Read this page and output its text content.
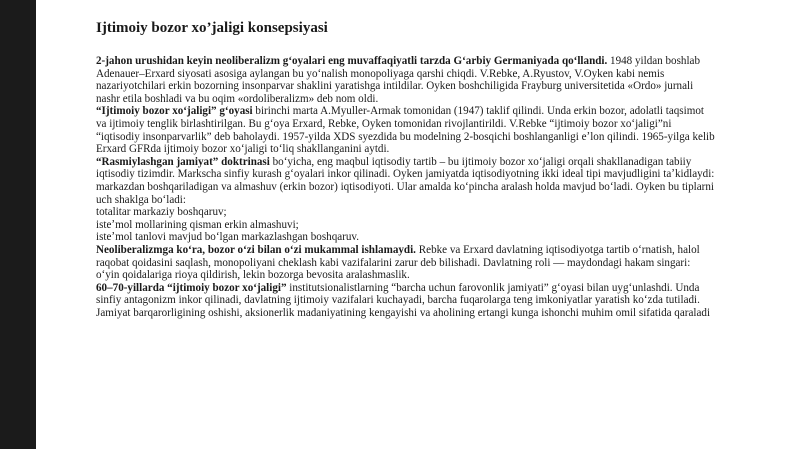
Ijtimoiy bozor xo’jaligi konsepsiyasi

2-jahon urushidan keyin neoliberalizm gʻoyalari eng muvaffaqiyatli tarzda Gʻarbiy Germaniyada qoʻllandi. 1948 yildan boshlab Adenauer–Erxard siyosati asosiga aylangan bu yoʻnalish monopoliyaga qarshi chiqdi. V.Rebke, A.Ryustov, V.Oyken kabi nemis nazariyotchilari erkin bozorning insonparvar shaklini yaratishga intildilar. Oyken boshchiligida Frayburg universitetida «Ordo» jurnali nashr etila boshladi va bu oqim «ordoliberalizm» deb nom oldi.

“Ijtimoiy bozor xoʻjaligi” gʻoyasi birinchi marta A.Myuller-Armak tomonidan (1947) taklif qilindi. Unda erkin bozor, adolatli taqsimot va ijtimoiy tenglik birlashtirilgan. Bu gʻoya Erxard, Rebke, Oyken tomonidan rivojlantirildi. V.Rebke “ijtimoiy bozor xoʻjaligi”ni “iqtisodiy insonparvarlik” deb baholaydi. 1957-yilda XDS syezdida bu modelning 2-bosqichi boshlanganligi eʼlon qilindi. 1965-yilga kelib Erxard GFRda ijtimoiy bozor xoʻjaligi toʻliq shakllanganini aytdi.

“Rasmiylashgan jamiyat” doktrinasi boʻyicha, eng maqbul iqtisodiy tartib – bu ijtimoiy bozor xoʻjaligi orqali shakllanadigan tabiiy iqtisodiy tizimdir. Markscha sinfiy kurash gʻoyalari inkor qilinadi. Oyken jamiyatda iqtisodiyotning ikki ideal tipi mavjudligini taʼkidlaydi: markazdan boshqariladigan va almashuv (erkin bozor) iqtisodiyoti. Ular amalda koʻpincha aralash holda mavjud boʻladi. Oyken bu tiplarni uch shaklga boʻladi:

totalitar markaziy boshqaruv;

isteʼmol mollarining qisman erkin almashuvi;

isteʼmol tanlovi mavjud boʻlgan markazlashgan boshqaruv.

Neoliberalizmga koʻra, bozor oʻzi bilan oʻzi mukammal ishlamaydi. Rebke va Erxard davlatning iqtisodiyotga tartib oʻrnatish, halol raqobat qoidasini saqlash, monopoliyani cheklash kabi vazifalarini zarur deb bilishadi. Davlatning roli — maydondagi hakam singari: oʻyin qoidalariga rioya qildirish, lekin bozorga bevosita aralashmaslik.

60–70-yillarda “ijtimoiy bozor xoʻjaligi” institutsionalistlarning “barcha uchun farovonlik jamiyati” gʻoyasi bilan uygʻunlashdi. Unda sinfiy antagonizm inkor qilinadi, davlatning ijtimoiy vazifalari kuchayadi, barcha fuqarolarga teng imkoniyatlar yaratish koʻzda tutiladi. Jamiyat barqarorligining oshishi, aksionerlik madaniyatining kengayishi va aholining ertangi kunga ishonchi muhim omil sifatida qaraladi
